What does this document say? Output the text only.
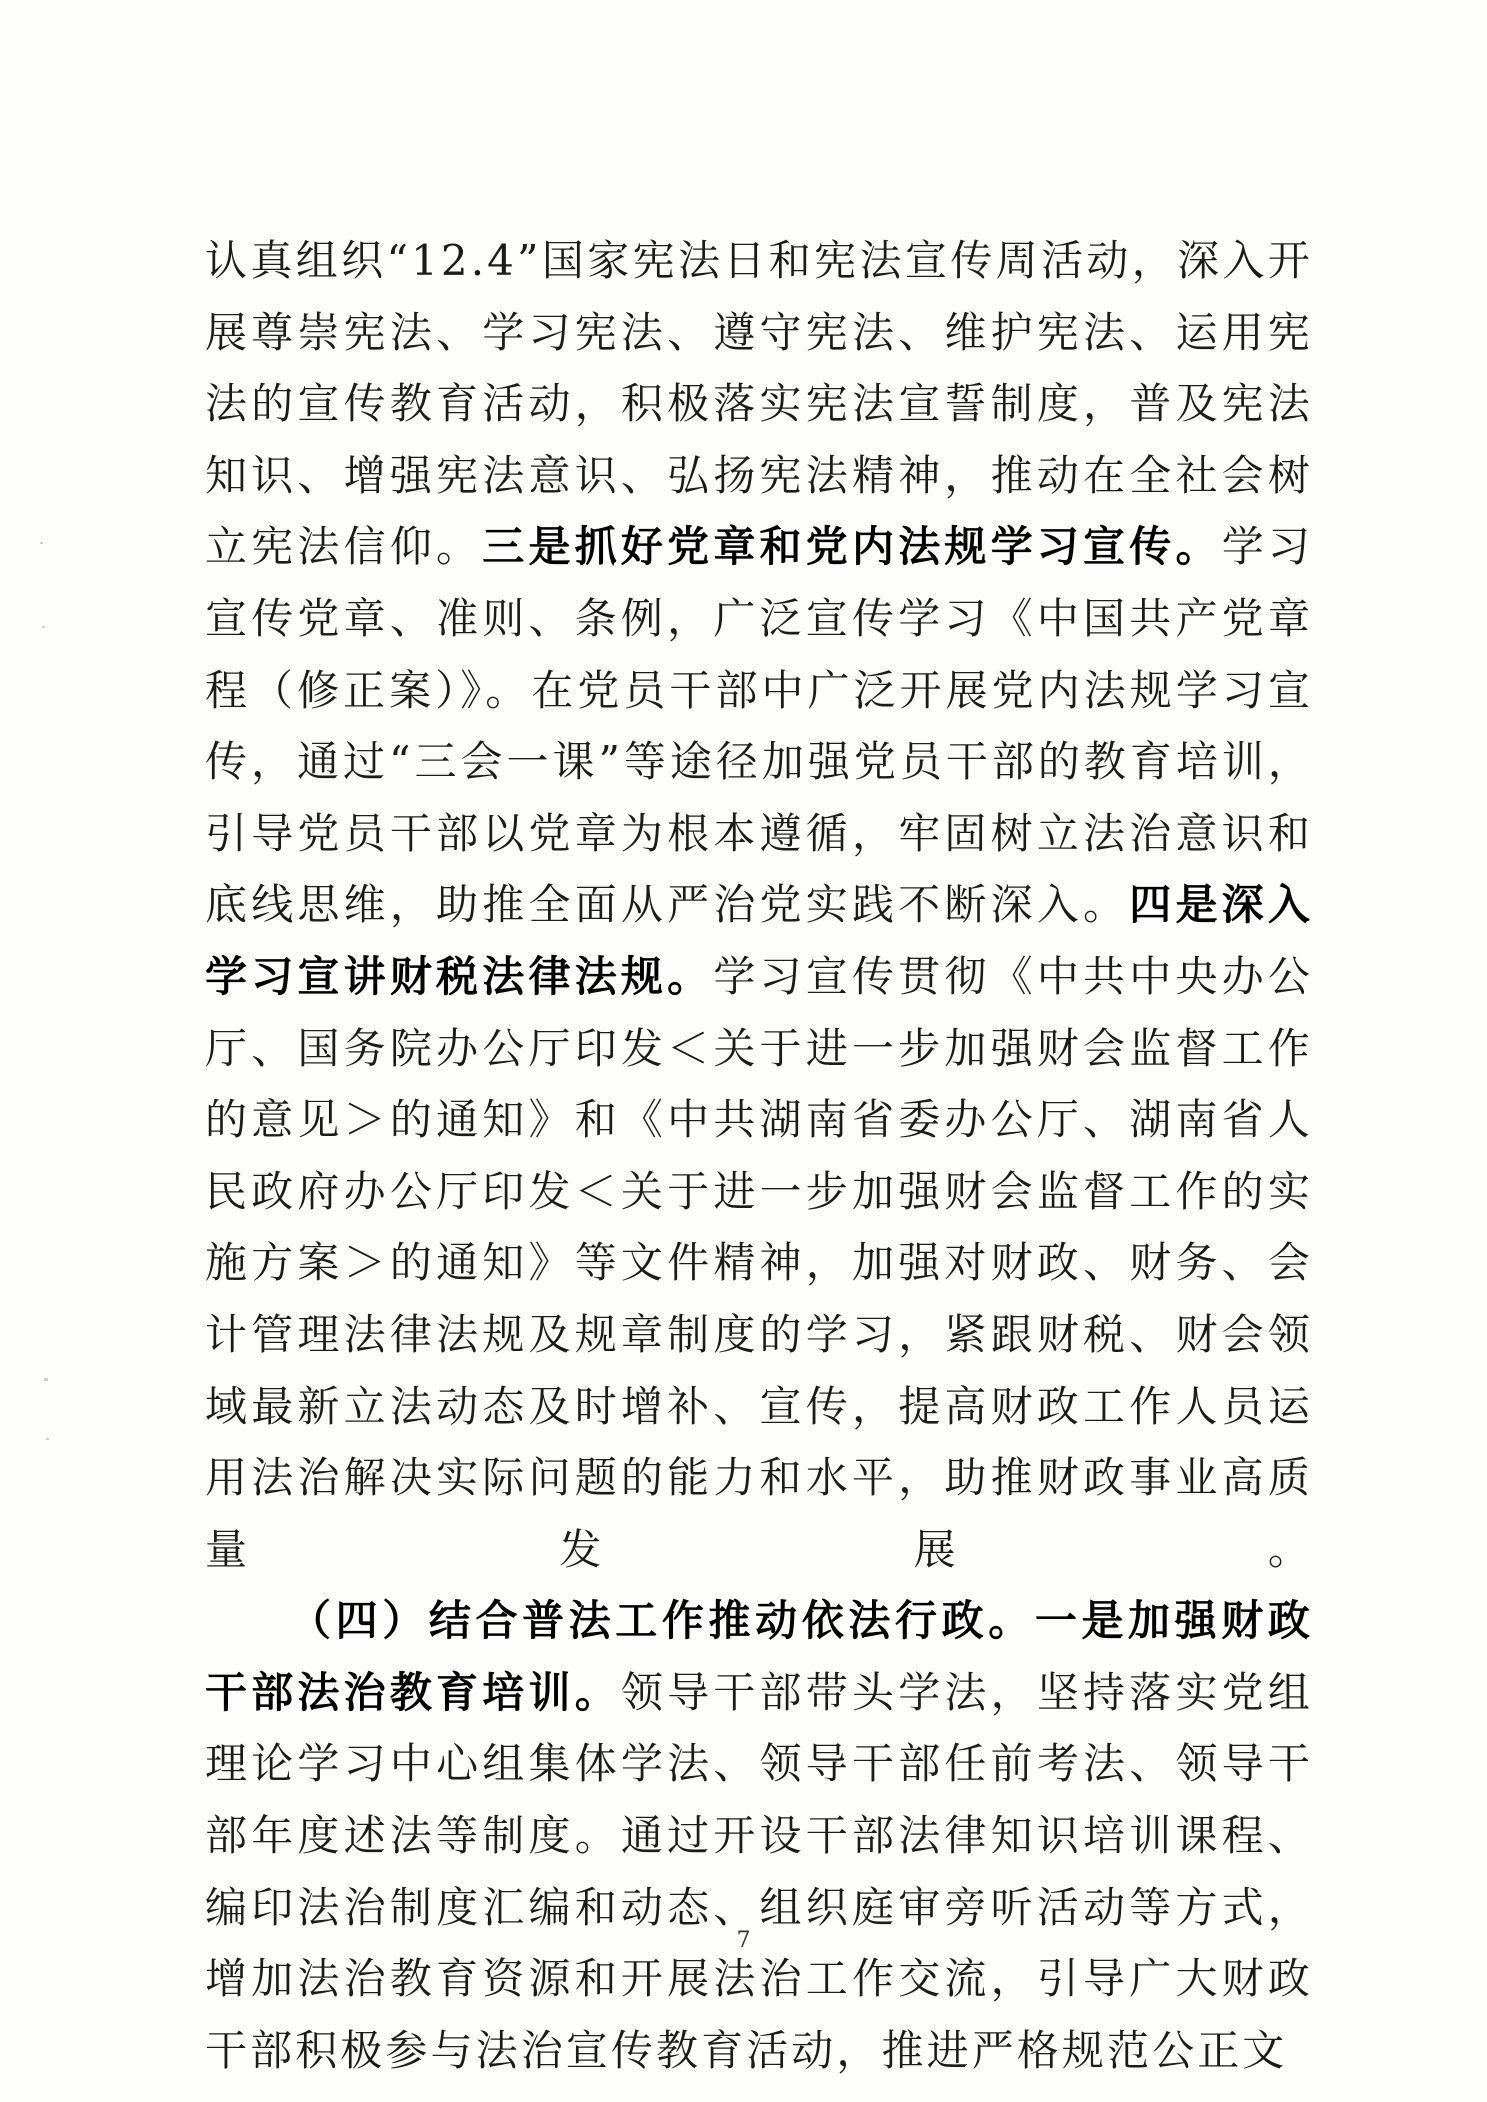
认真组织“12.4”国家宪法日和宪法宣传周活动，深入开展尊崇宪法、学习宪法、遵守宪法、维护宪法、运用宪法的宣传教育活动，积极落实宪法宣誓制度，普及宪法知识、增强宪法意识、弘扬宪法精神，推动在全社会树立宪法信仰。三是抓好党章和党内法规学习宣传。学习宣传党章、准则、条例，广泛宣传学习《中国共产党章程（修正案）》。在党员干部中广泛开展党内法规学习宣传，通过“三会一课”等途径加强党员干部的教育培训，引导党员干部以党章为根本遵循，牢固树立法治意识和底线思维，助推全面从严治党实践不断深入。四是深入学习宣讲财税法律法规。学习宣传贯彻《中共中央办公厅、国务院办公厅印发＜关于进一步加强财会监督工作的意见＞的通知》和《中共湖南省委办公厅、湖南省人民政府办公厅印发＜关于进一步加强财会监督工作的实施方案＞的通知》等文件精神，加强对财政、财务、会计管理法律法规及规章制度的学习，紧跟财税、财会领域最新立法动态及时增补、宣传，提高财政工作人员运用法治解决实际问题的能力和水平，助推财政事业高质量发展。

（四）结合普法工作推动依法行政。一是加强财政干部法治教育培训。领导干部带头学法，坚持落实党组理论学习中心组集体学法、领导干部任前考法、领导干部年度述法等制度。通过开设干部法律知识培训课程、编印法治制度汇编和动态、组织庭审旁听活动等方式，增加法治教育资源和开展法治工作交流，引导广大财政干部积极参与法治宣传教育活动，推进严格规范公正文

7
